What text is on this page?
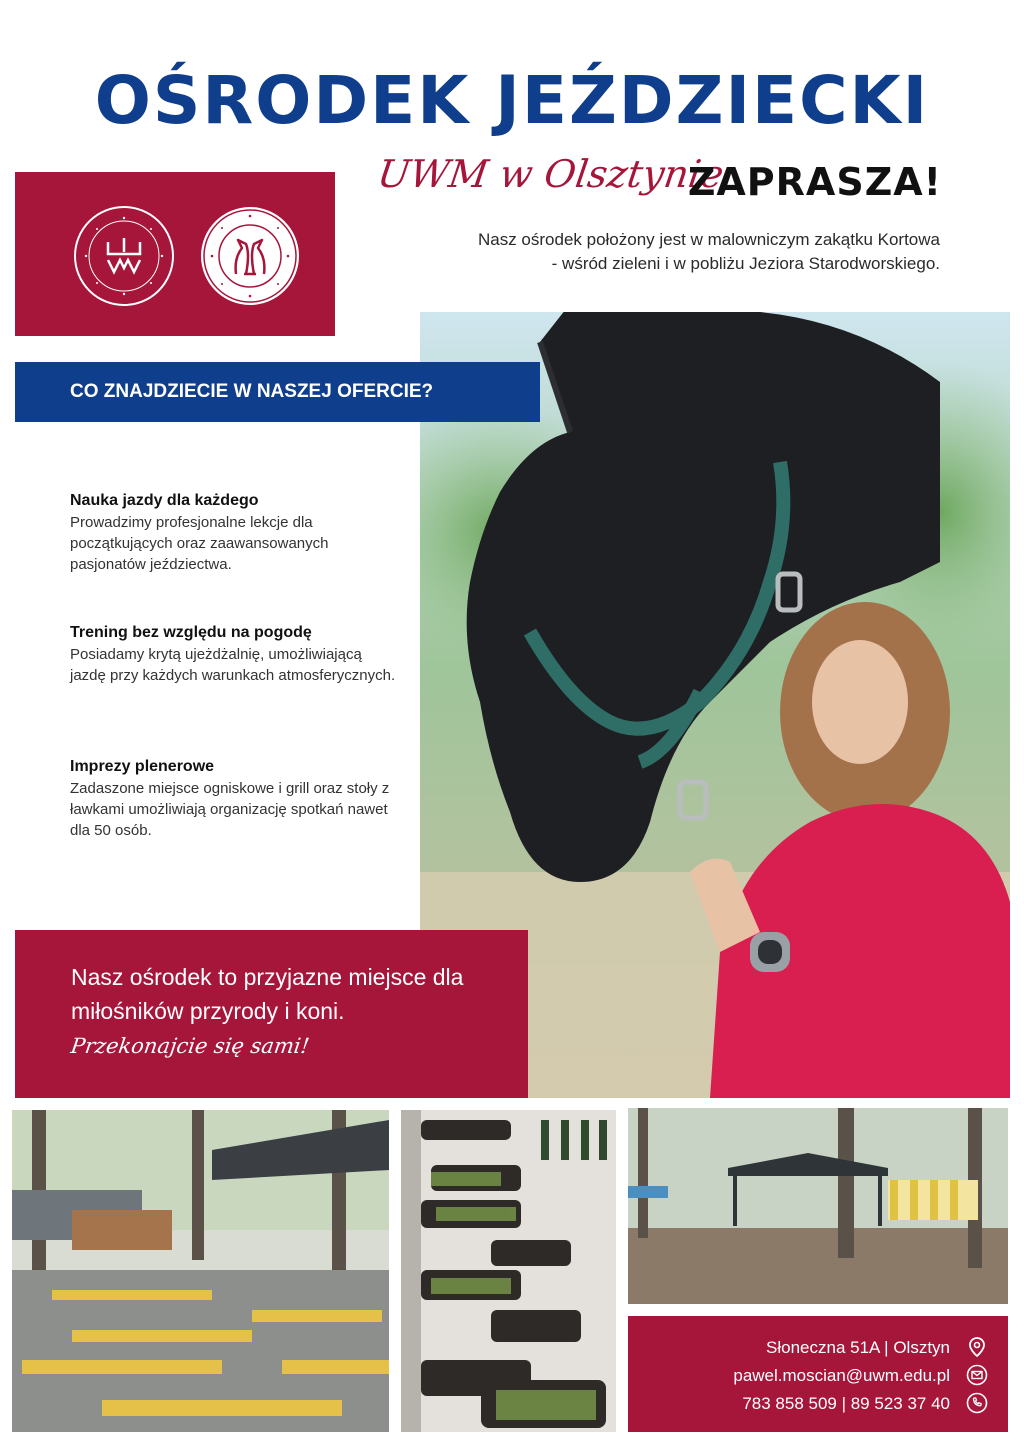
OŚRODEK JEŹDZIECKI
UWM w Olsztynie
ZAPRASZA!
Nasz ośrodek położony jest w malowniczym zakątku Kortowa
- wśród zieleni i w pobliżu Jeziora Starodworskiego.
CO ZNAJDZIECIE W NASZEJ OFERCIE?
Nauka jazdy dla każdego

Prowadzimy profesjonalne lekcje dla początkujących oraz zaawansowanych pasjonatów jeździectwa.

Trening bez względu na pogodę

Posiadamy krytą ujeżdżalnię, umożliwiającą jazdę przy każdych warunkach atmosferycznych.

Imprezy plenerowe

Zadaszone miejsce ogniskowe i grill oraz stoły z ławkami umożliwiają organizację spotkań nawet dla 50 osób.

Nasz ośrodek to przyjazne miejsce dla miłośników przyrody i koni.
Przekonajcie się sami!
Słoneczna 51A | Olsztyn
pawel.moscian@uwm.edu.pl
783 858 509 | 89 523 37 40
